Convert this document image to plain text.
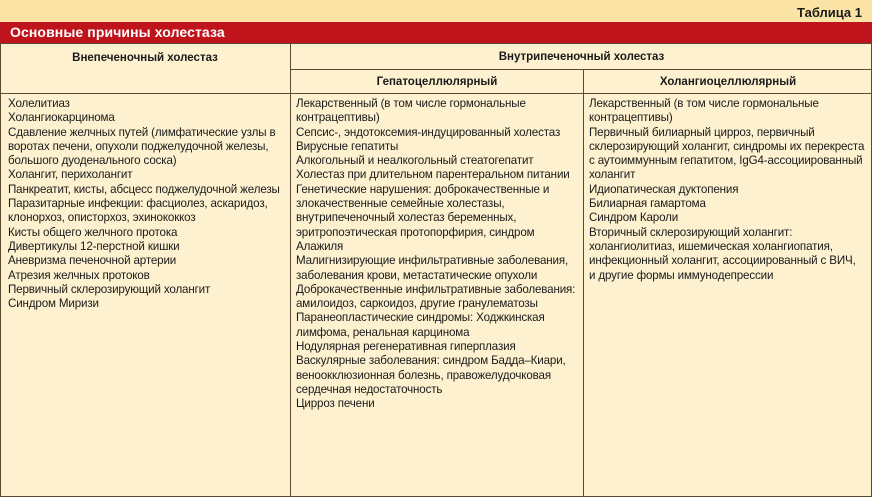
Таблица 1
Основные причины холестаза
Внепеченочный холестаз	Внутрипеченочный холестаз
Гепатоцеллюлярный	Холангиоцеллюлярный
Холелитиаз
Холангиокарцинома
Сдавление желчных путей (лимфатические узлы в воротах печени, опухоли поджелудочной железы, большого дуоденального соска)
Холангит, перихолангит
Панкреатит, кисты, абсцесс поджелудочной железы
Паразитарные инфекции: фасциолез, аскаридоз, клонорхоз, описторхоз, эхинококкоз
Кисты общего желчного протока
Дивертикулы 12-перстной кишки
Аневризма печеночной артерии
Атрезия желчных протоков
Первичный склерозирующий холангит
Синдром Миризи
Лекарственный (в том числе гормональные контрацептивы)
Сепсис-, эндотоксемия-индуцированный холестаз
Вирусные гепатиты
Алкогольный и неалкогольный стеатогепатит
Холестаз при длительном парентеральном питании
Генетические нарушения: доброкачественные и злокачественные семейные холестазы, внутрипеченочный холестаз беременных, эритропоэтическая протопорфирия, синдром Алажиля
Малигнизирующие инфильтративные заболевания, заболевания крови, метастатические опухоли
Доброкачественные инфильтративные заболевания: амилоидоз, саркоидоз, другие гранулематозы
Паранеопластические синдромы: Ходжкинская лимфома, ренальная карцинома
Нодулярная регенеративная гиперплазия
Васкулярные заболевания: синдром Бадда–Киари, веноокклюзионная болезнь, правожелудочковая сердечная недостаточность
Цирроз печени
Лекарственный (в том числе гормональные контрацептивы)
Первичный билиарный цирроз, первичный склерозирующий холангит, синдромы их перекреста с аутоиммунным гепатитом, IgG4-ассоциированный холангит
Идиопатическая дуктопения
Билиарная гамартома
Синдром Кароли
Вторичный склерозирующий холангит: холангиолитиаз, ишемическая холангиопатия, инфекционный холангит, ассоциированный с ВИЧ, и другие формы иммунодепрессии
